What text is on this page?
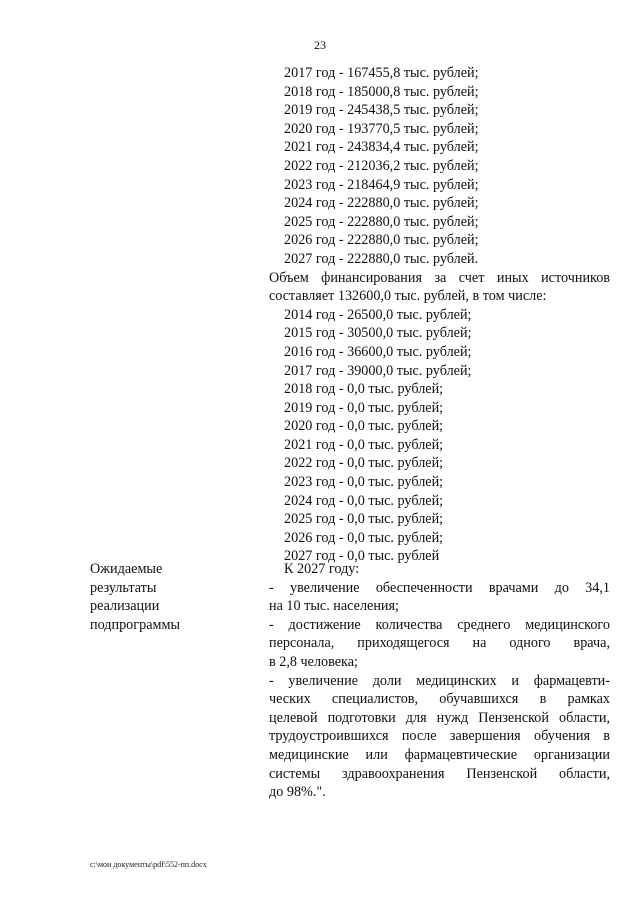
23
2017 год - 167455,8 тыс. рублей;
2018 год - 185000,8 тыс. рублей;
2019 год - 245438,5 тыс. рублей;
2020 год - 193770,5 тыс. рублей;
2021 год - 243834,4 тыс. рублей;
2022 год - 212036,2 тыс. рублей;
2023 год - 218464,9 тыс. рублей;
2024 год - 222880,0 тыс. рублей;
2025 год - 222880,0 тыс. рублей;
2026 год - 222880,0 тыс. рублей;
2027 год - 222880,0 тыс. рублей.
Объем финансирования за счет иных источников
составляет 132600,0 тыс. рублей, в том числе:
2014 год - 26500,0 тыс. рублей;
2015 год - 30500,0 тыс. рублей;
2016 год - 36600,0 тыс. рублей;
2017 год - 39000,0 тыс. рублей;
2018 год - 0,0 тыс. рублей;
2019 год - 0,0 тыс. рублей;
2020 год - 0,0 тыс. рублей;
2021 год - 0,0 тыс. рублей;
2022 год - 0,0 тыс. рублей;
2023 год - 0,0 тыс. рублей;
2024 год - 0,0 тыс. рублей;
2025 год - 0,0 тыс. рублей;
2026 год - 0,0 тыс. рублей;
2027 год - 0,0 тыс. рублей
Ожидаемые
результаты
реализации
подпрограммы
К 2027 году:
- увеличение обеспеченности врачами до 34,1
на 10 тыс. населения;
- достижение количества среднего медицинского
персонала, приходящегося на одного врача,
в 2,8 человека;
- увеличение доли медицинских и фармацевти-
ческих специалистов, обучавшихся в рамках
целевой подготовки для нужд Пензенской области,
трудоустроившихся после завершения обучения в
медицинские или фармацевтические организации
системы здравоохранения Пензенской области,
до 98%.".
c:\мои документы\pdf\552-пп.docx
